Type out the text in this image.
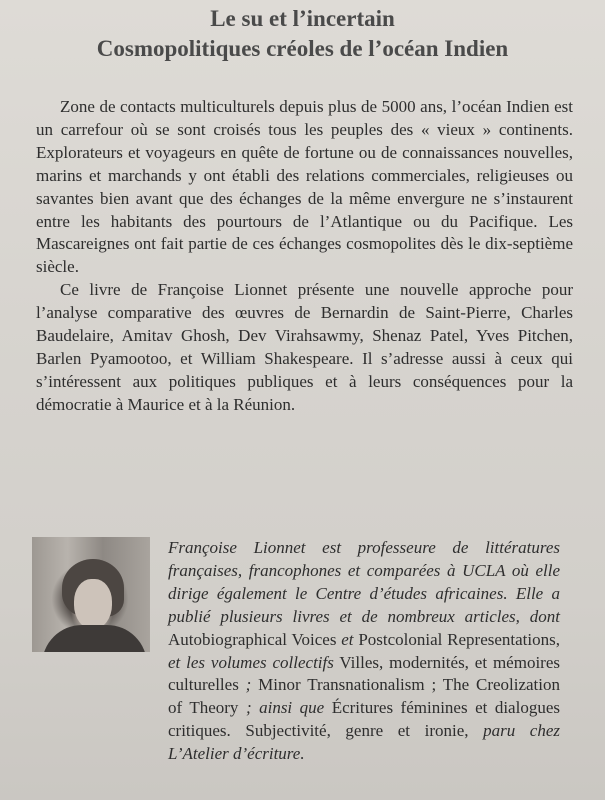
Le su et l’incertain
Cosmopolitiques créoles de l’océan Indien

Zone de contacts multiculturels depuis plus de 5000 ans, l’océan Indien est un carrefour où se sont croisés tous les peuples des « vieux » continents. Explorateurs et voyageurs en quête de fortune ou de connaissances nouvelles, marins et marchands y ont établi des relations commerciales, religieuses ou savantes bien avant que des échanges de la même envergure ne s’instaurent entre les habitants des pourtours de l’Atlantique ou du Pacifique. Les Mascareignes ont fait partie de ces échanges cosmopolites dès le dix-septième siècle.

Ce livre de Françoise Lionnet présente une nouvelle approche pour l’analyse comparative des œuvres de Bernardin de Saint-Pierre, Charles Baudelaire, Amitav Ghosh, Dev Virahsawmy, Shenaz Patel, Yves Pitchen, Barlen Pyamootoo, et William Shakespeare. Il s’adresse aussi à ceux qui s’intéressent aux politiques publiques et à leurs conséquences pour la démocratie à Maurice et à la Réunion.

Françoise Lionnet est professeure de littératures françaises, francophones et comparées à UCLA où elle dirige également le Centre d’études africaines. Elle a publié plusieurs livres et de nombreux articles, dont Autobiographical Voices et Postcolonial Representations, et les volumes collectifs Villes, modernités, et mémoires culturelles ; Minor Transnationalism ; The Creolization of Theory ; ainsi que Écritures féminines et dialogues critiques. Subjectivité, genre et ironie, paru chez L’Atelier d’écriture.
